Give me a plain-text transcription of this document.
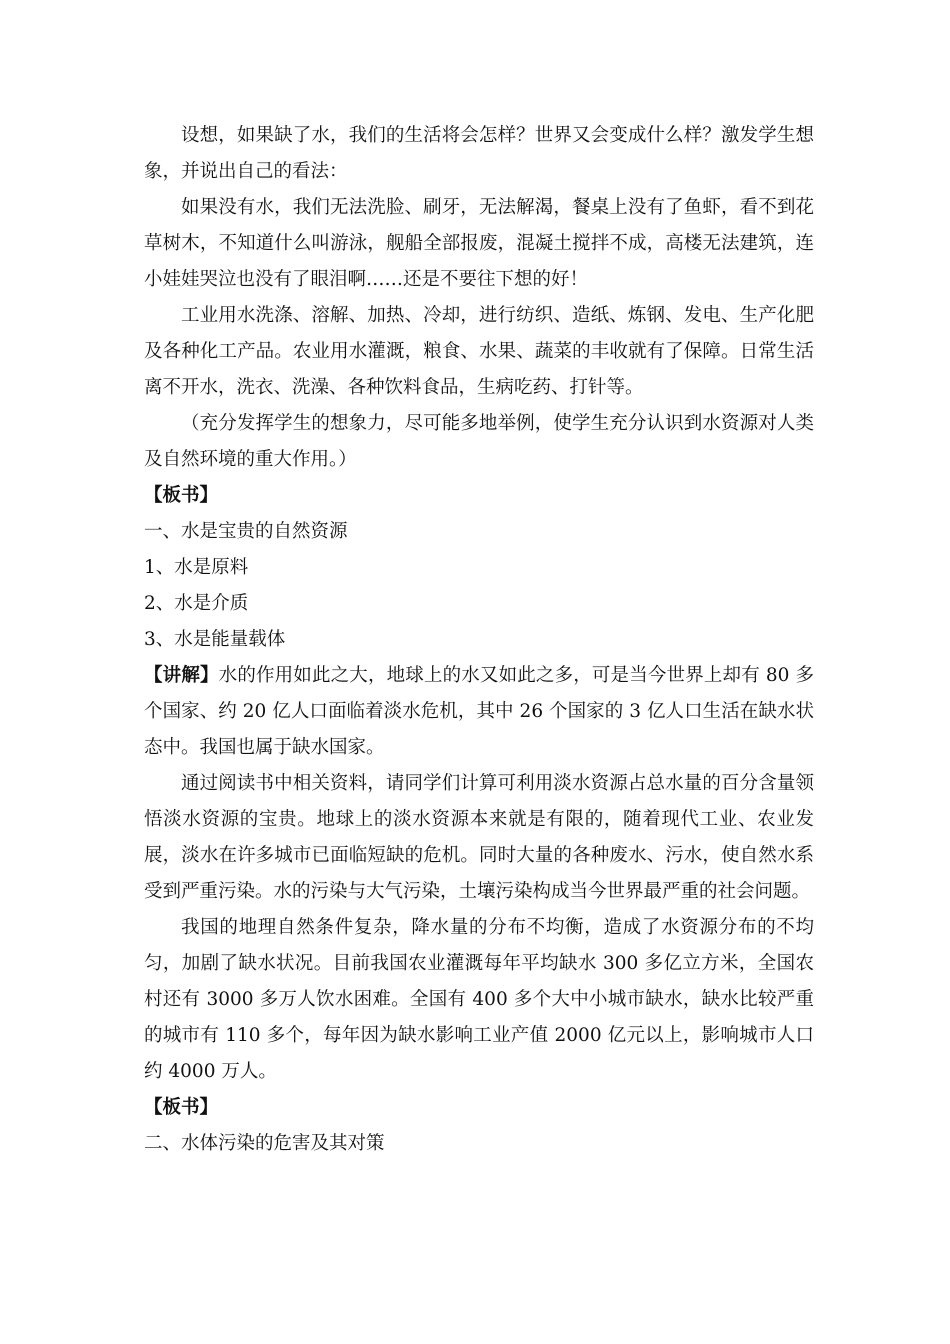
设想，如果缺了水，我们的生活将会怎样？世界又会变成什么样？激发学生想象，并说出自己的看法：

如果没有水，我们无法洗脸、刷牙，无法解渴，餐桌上没有了鱼虾，看不到花草树木，不知道什么叫游泳，舰船全部报废，混凝土搅拌不成，高楼无法建筑，连小娃娃哭泣也没有了眼泪啊……还是不要往下想的好！

工业用水洗涤、溶解、加热、冷却，进行纺织、造纸、炼钢、发电、生产化肥及各种化工产品。农业用水灌溉，粮食、水果、蔬菜的丰收就有了保障。日常生活离不开水，洗衣、洗澡、各种饮料食品，生病吃药、打针等。

（充分发挥学生的想象力，尽可能多地举例，使学生充分认识到水资源对人类及自然环境的重大作用。）

【板书】

一、水是宝贵的自然资源

1、水是原料

2、水是介质

3、水是能量载体

【讲解】水的作用如此之大，地球上的水又如此之多，可是当今世界上却有 80 多个国家、约 20 亿人口面临着淡水危机，其中 26 个国家的 3 亿人口生活在缺水状态中。我国也属于缺水国家。

通过阅读书中相关资料，请同学们计算可利用淡水资源占总水量的百分含量领悟淡水资源的宝贵。地球上的淡水资源本来就是有限的，随着现代工业、农业发展，淡水在许多城市已面临短缺的危机。同时大量的各种废水、污水，使自然水系受到严重污染。水的污染与大气污染，土壤污染构成当今世界最严重的社会问题。

我国的地理自然条件复杂，降水量的分布不均衡，造成了水资源分布的不均匀，加剧了缺水状况。目前我国农业灌溉每年平均缺水 300 多亿立方米，全国农村还有 3000 多万人饮水困难。全国有 400 多个大中小城市缺水，缺水比较严重的城市有 110 多个，每年因为缺水影响工业产值 2000 亿元以上，影响城市人口约 4000 万人。

【板书】

二、水体污染的危害及其对策
